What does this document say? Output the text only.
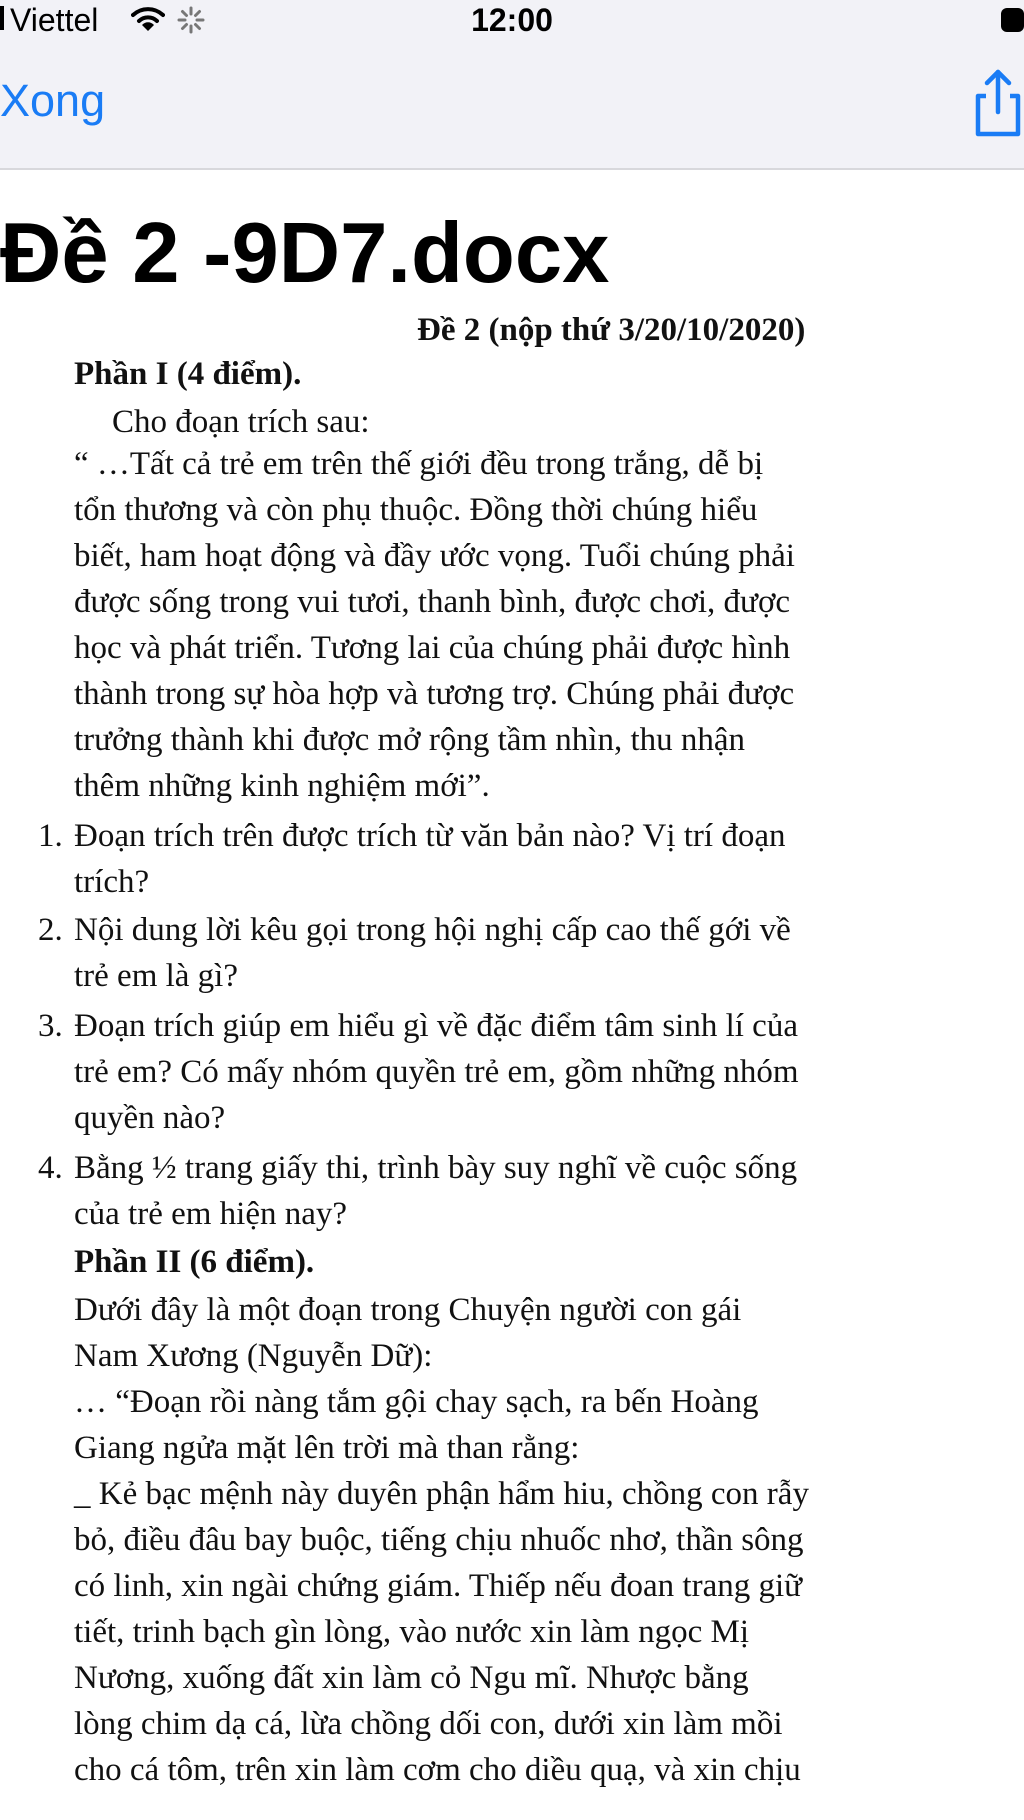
Viettel	12:00
Xong
Đề 2 -9D7.docx
Đề 2 (nộp thứ 3/20/10/2020)
Phần I (4 điểm).
Cho đoạn trích sau:
“ …Tất cả trẻ em trên thế giới đều trong trắng, dễ bị
tổn thương và còn phụ thuộc. Đồng thời chúng hiểu
biết, ham hoạt động và đầy ước vọng. Tuổi chúng phải
được sống trong vui tươi, thanh bình, được chơi, được
học và phát triển. Tương lai của chúng phải được hình
thành trong sự hòa hợp và tương trợ. Chúng phải được
trưởng thành khi được mở rộng tầm nhìn, thu nhận
thêm những kinh nghiệm mới”.
1. Đoạn trích trên được trích từ văn bản nào? Vị trí đoạn
trích?
2. Nội dung lời kêu gọi trong hội nghị cấp cao thế gới về
trẻ em là gì?
3. Đoạn trích giúp em hiểu gì về đặc điểm tâm sinh lí của
trẻ em? Có mấy nhóm quyền trẻ em, gồm những nhóm
quyền nào?
4. Bằng ½ trang giấy thi, trình bày suy nghĩ về cuộc sống
của trẻ em hiện nay?
Phần II (6 điểm).
Dưới đây là một đoạn trong Chuyện người con gái
Nam Xương (Nguyễn Dữ):
… “Đoạn rồi nàng tắm gội chay sạch, ra bến Hoàng
Giang ngửa mặt lên trời mà than rằng:
_ Kẻ bạc mệnh này duyên phận hẩm hiu, chồng con rẫy
bỏ, điều đâu bay buộc, tiếng chịu nhuốc nhơ, thần sông
có linh, xin ngài chứng giám. Thiếp nếu đoan trang giữ
tiết, trinh bạch gìn lòng, vào nước xin làm ngọc Mị
Nương, xuống đất xin làm cỏ Ngu mĩ. Nhược bằng
lòng chim dạ cá, lừa chồng dối con, dưới xin làm mồi
cho cá tôm, trên xin làm cơm cho diều quạ, và xin chịu
